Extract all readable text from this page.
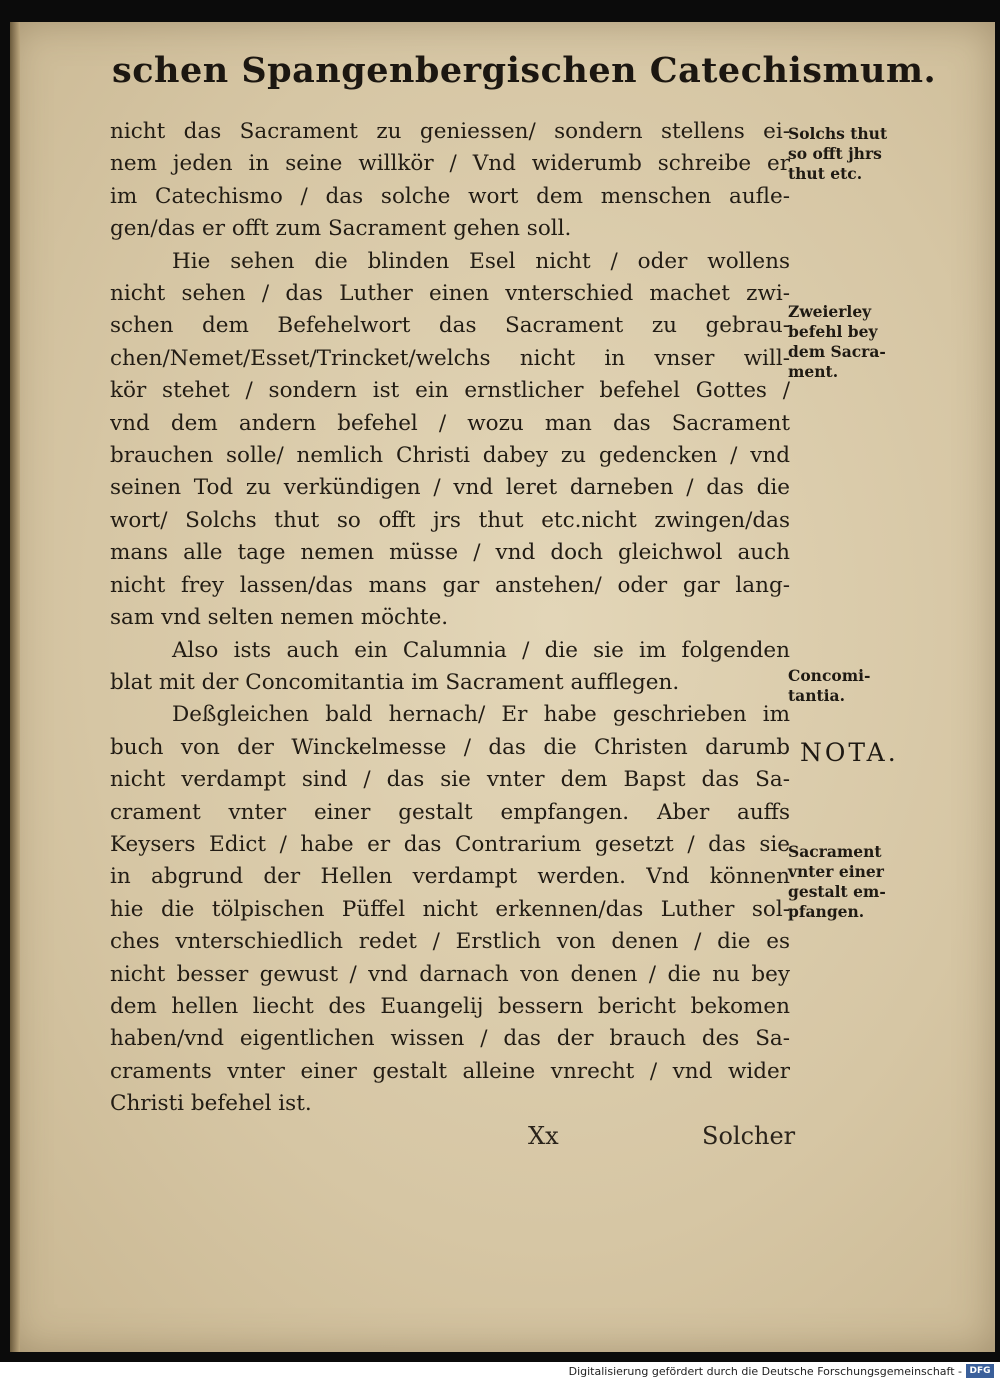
schen Spangenbergischen Catechismum.
nicht das Sacrament zu geniessen/ sondern stellens ei-
nem jeden in seine willkör / Vnd widerumb schreibe er
im Catechismo / das solche wort dem menschen aufle-
gen/das er offt zum Sacrament gehen soll.
Hie sehen die blinden Esel nicht / oder wollens
nicht sehen / das Luther einen vnterschied machet zwi-
schen dem Befehelwort das Sacrament zu gebrau-
chen/Nemet/Esset/Trincket/welchs nicht in vnser will-
kör stehet / sondern ist ein ernstlicher befehel Gottes /
vnd dem andern befehel / wozu man das Sacrament
brauchen solle/ nemlich Christi dabey zu gedencken / vnd
seinen Tod zu verkündigen / vnd leret darneben / das die
wort/ Solchs thut so offt jrs thut etc.nicht zwingen/das
mans alle tage nemen müsse / vnd doch gleichwol auch
nicht frey lassen/das mans gar anstehen/ oder gar lang-
sam vnd selten nemen möchte.
Also ists auch ein Calumnia / die sie im folgenden
blat mit der Concomitantia im Sacrament aufflegen.
Deßgleichen bald hernach/ Er habe geschrieben im
buch von der Winckelmesse / das die Christen darumb
nicht verdampt sind / das sie vnter dem Bapst das Sa-
crament vnter einer gestalt empfangen. Aber auffs
Keysers Edict / habe er das Contrarium gesetzt / das sie
in abgrund der Hellen verdampt werden. Vnd können
hie die tölpischen Püffel nicht erkennen/das Luther sol-
ches vnterschiedlich redet / Erstlich von denen / die es
nicht besser gewust / vnd darnach von denen / die nu bey
dem hellen liecht des Euangelij bessern bericht bekomen
haben/vnd eigentlichen wissen / das der brauch des Sa-
craments vnter einer gestalt alleine vnrecht / vnd wider
Christi befehel ist.
Solchs thut
so offt jhrs
thut etc.
Zweierley
befehl bey
dem Sacra-
ment.
Concomi-
tantia.
NOTA.
Sacrament
vnter einer
gestalt em-
pfangen.
Xx	Solcher
Digitalisierung gefördert durch die Deutsche Forschungsgemeinschaft - DFG
